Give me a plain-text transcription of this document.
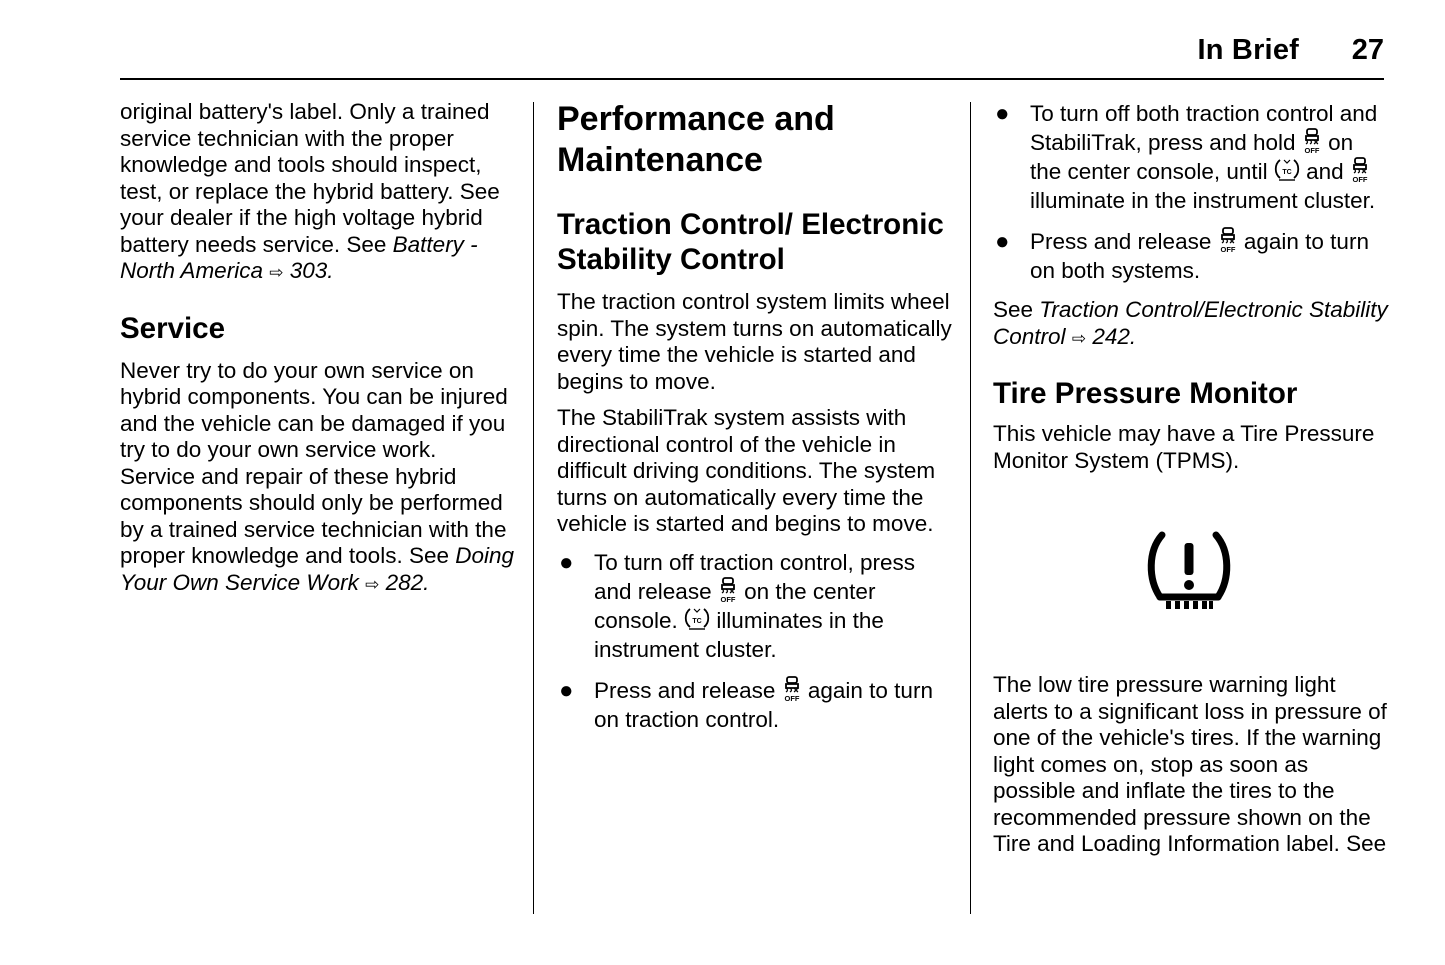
In Brief 27

original battery's label. Only a trained service technician with the proper knowledge and tools should inspect, test, or replace the hybrid battery. See your dealer if the high voltage hybrid battery needs service. See Battery - North America ⇨ 303.

Service

Never try to do your own service on hybrid components. You can be injured and the vehicle can be damaged if you try to do your own service work. Service and repair of these hybrid components should only be performed by a trained service technician with the proper knowledge and tools. See Doing Your Own Service Work ⇨ 282.

Performance and Maintenance
Traction Control/ Electronic Stability Control

The traction control system limits wheel spin. The system turns on automatically every time the vehicle is started and begins to move.

The StabiliTrak system assists with directional control of the vehicle in difficult driving conditions. The system turns on automatically every time the vehicle is started and begins to move.

● To turn off traction control, press and release  on the center console.  illuminates in the instrument cluster.
● Press and release  again to turn on traction control.
● To turn off both traction control and StabiliTrak, press and hold  on the center console, until  and  illuminate in the instrument cluster.
● Press and release  again to turn on both systems.

See Traction Control/Electronic Stability Control ⇨ 242.

Tire Pressure Monitor

This vehicle may have a Tire Pressure Monitor System (TPMS).

The low tire pressure warning light alerts to a significant loss in pressure of one of the vehicle's tires. If the warning light comes on, stop as soon as possible and inflate the tires to the recommended pressure shown on the Tire and Loading Information label. See
